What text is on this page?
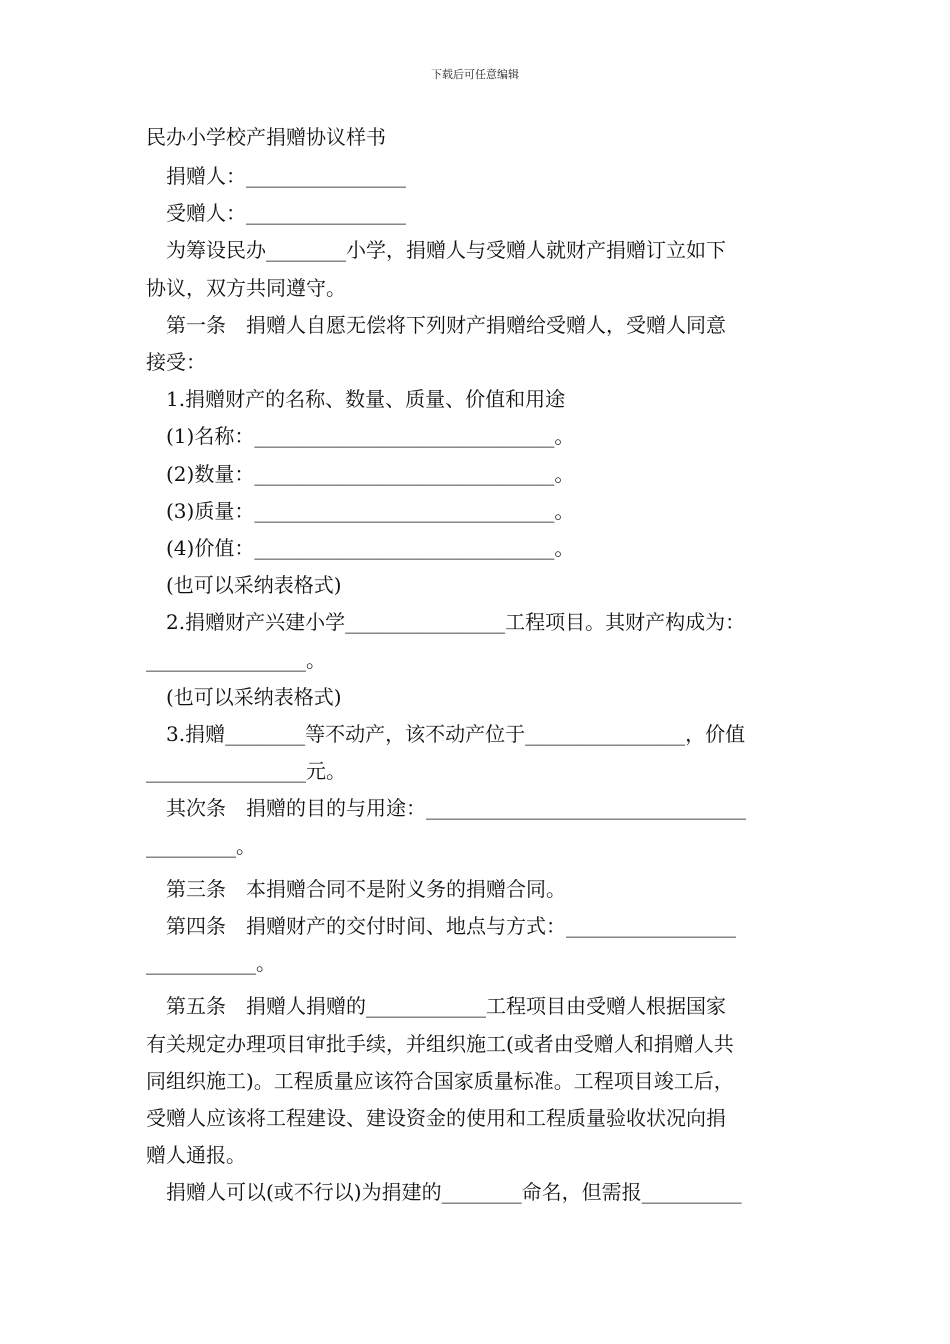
下载后可任意编辑
民办小学校产捐赠协议样书
捐赠人：________________
受赠人：________________
为筹设民办________小学，捐赠人与受赠人就财产捐赠订立如下
协议，双方共同遵守。
第一条　捐赠人自愿无偿将下列财产捐赠给受赠人，受赠人同意
接受：
1.捐赠财产的名称、数量、质量、价值和用途
(1)名称：______________________________。
(2)数量：______________________________。
(3)质量：______________________________。
(4)价值：______________________________。
(也可以采纳表格式)
2.捐赠财产兴建小学________________工程项目。其财产构成为：
________________。
(也可以采纳表格式)
3.捐赠________等不动产，该不动产位于________________，价值
________________元。
其次条　捐赠的目的与用途：________________________________
_________。
第三条　本捐赠合同不是附义务的捐赠合同。
第四条　捐赠财产的交付时间、地点与方式：_________________
___________。
第五条　捐赠人捐赠的____________工程项目由受赠人根据国家
有关规定办理项目审批手续，并组织施工(或者由受赠人和捐赠人共
同组织施工)。工程质量应该符合国家质量标准。工程项目竣工后，
受赠人应该将工程建设、建设资金的使用和工程质量验收状况向捐
赠人通报。
捐赠人可以(或不行以)为捐建的________命名，但需报__________
